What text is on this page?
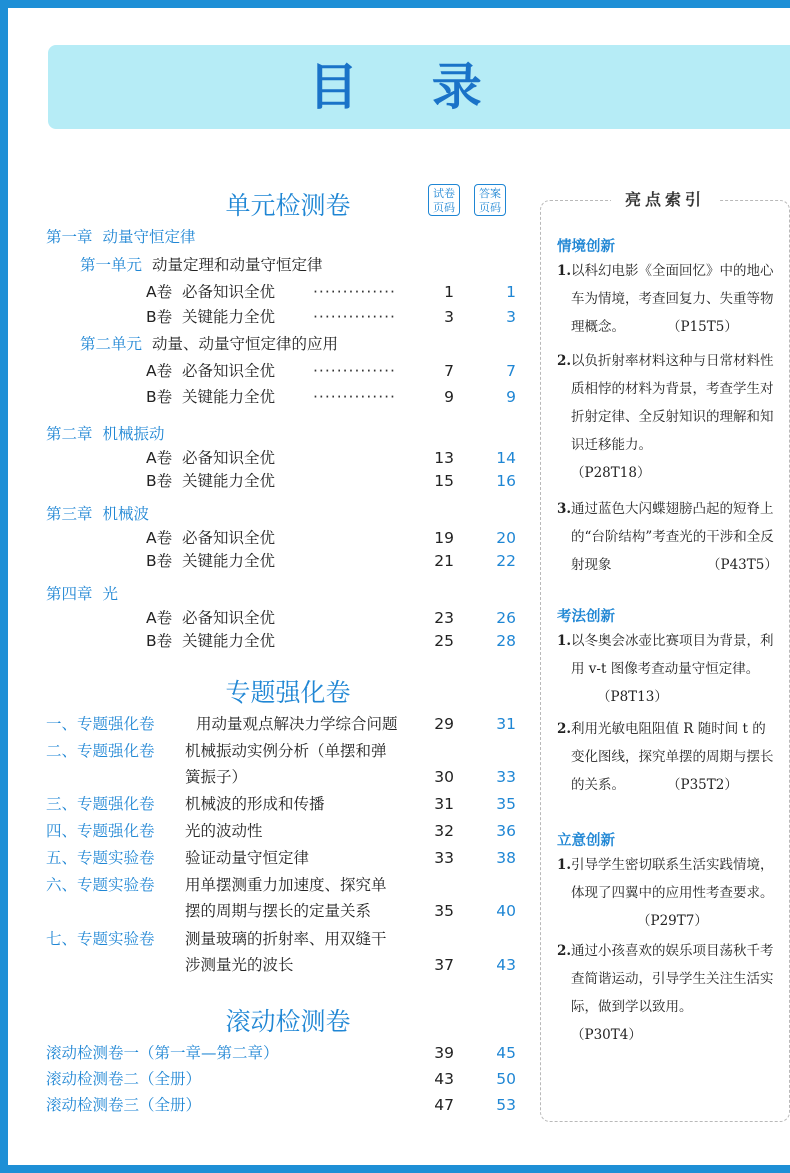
目 录
单元检测卷	试卷页码
答案页码
第一章 动量守恒定律
第一单元 动量定理和动量守恒定律
A卷 必备知识全优	··············	1	1
B卷 关键能力全优	··············	3	3
第二单元 动量、动量守恒定律的应用
A卷 必备知识全优	··············	7	7
B卷 关键能力全优	··············	9	9
第二章 机械振动
A卷 必备知识全优	13	14
B卷 关键能力全优	15	16
第三章 机械波
A卷 必备知识全优	19	20
B卷 关键能力全优	21	22
第四章 光
A卷 必备知识全优	23	26
B卷 关键能力全优	25	28
专题强化卷
一、专题强化卷	用动量观点解决力学综合问题	29	31
二、专题强化卷 机械振动实例分析（单摆和弹
簧振子）	30	33
三、专题强化卷 机械波的形成和传播	31	35
四、专题强化卷 光的波动性	32	36
五、专题实验卷 验证动量守恒定律	33	38
六、专题实验卷 用单摆测重力加速度、探究单
摆的周期与摆长的定量关系	35	40
七、专题实验卷 测量玻璃的折射率、用双缝干
涉测量光的波长	37	43
滚动检测卷
滚动检测卷一（第一章—第二章）	39	45
滚动检测卷二（全册）	43	50
滚动检测卷三（全册）	47	53
亮点索引
情境创新
1. 以科幻电影《全面回忆》中的地心车为情境，考查回复力、失重等物理概念。	（P15T5）
2. 以负折射率材料这种与日常材料性质相悖的材料为背景，考查学生对折射定律、全反射知识的理解和知识迁移能力。
（P28T18）
3. 通过蓝色大闪蝶翅膀凸起的短脊上的“台阶结构”考查光的干涉和全反射现象	（P43T5）
考法创新
1. 以冬奥会冰壶比赛项目为背景，利用 v-t 图像考查动量守恒定律。
（P8T13）
2. 利用光敏电阻阻值 R 随时间 t 的变化图线，探究单摆的周期与摆长的关系。	（P35T2）
立意创新
1. 引导学生密切联系生活实践情境，体现了四翼中的应用性考查要求。
（P29T7）
2. 通过小孩喜欢的娱乐项目荡秋千考查简谐运动，引导学生关注生活实际，做到学以致用。
（P30T4）
